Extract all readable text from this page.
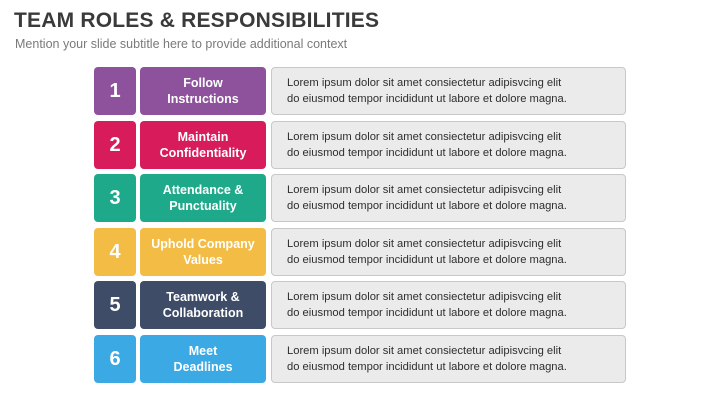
TEAM ROLES & RESPONSIBILITIES
Mention your slide subtitle here to provide additional context
1	Follow
Instructions
Lorem ipsum dolor sit amet consiectetur adipisvcing elit
do eiusmod tempor incididunt ut labore et dolore magna.
2	Maintain
Confidentiality
Lorem ipsum dolor sit amet consiectetur adipisvcing elit
do eiusmod tempor incididunt ut labore et dolore magna.
3	Attendance &
Punctuality
Lorem ipsum dolor sit amet consiectetur adipisvcing elit
do eiusmod tempor incididunt ut labore et dolore magna.
4	Uphold Company
Values
Lorem ipsum dolor sit amet consiectetur adipisvcing elit
do eiusmod tempor incididunt ut labore et dolore magna.
5	Teamwork &
Collaboration
Lorem ipsum dolor sit amet consiectetur adipisvcing elit
do eiusmod tempor incididunt ut labore et dolore magna.
6	Meet
Deadlines
Lorem ipsum dolor sit amet consiectetur adipisvcing elit
do eiusmod tempor incididunt ut labore et dolore magna.
